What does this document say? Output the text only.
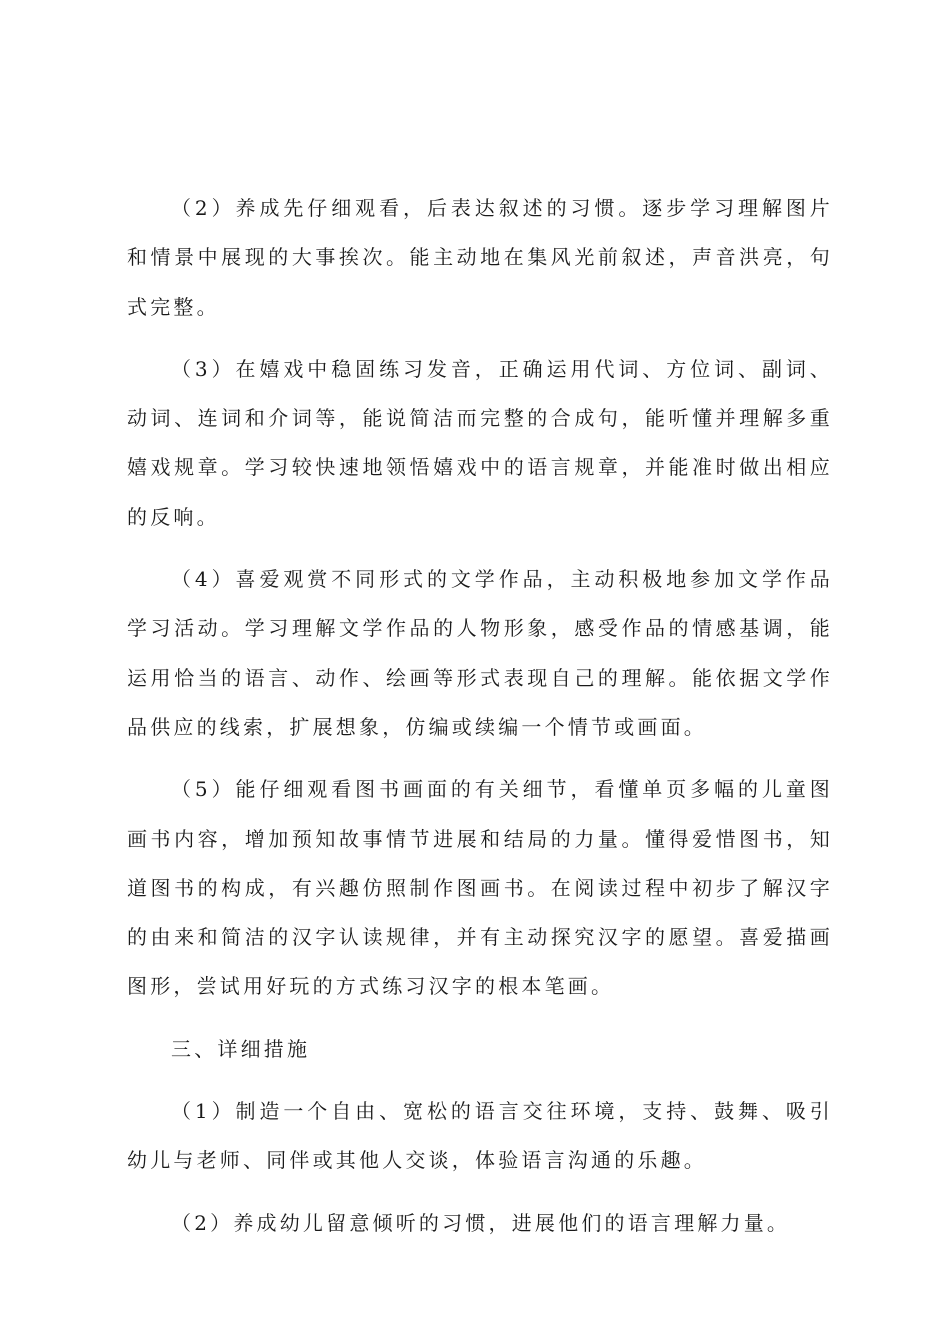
（2）养成先仔细观看，后表达叙述的习惯。逐步学习理解图片和情景中展现的大事挨次。能主动地在集风光前叙述，声音洪亮，句式完整。

（3）在嬉戏中稳固练习发音，正确运用代词、方位词、副词、动词、连词和介词等，能说简洁而完整的合成句，能听懂并理解多重嬉戏规章。学习较快速地领悟嬉戏中的语言规章，并能准时做出相应的反响。

（4）喜爱观赏不同形式的文学作品，主动积极地参加文学作品学习活动。学习理解文学作品的人物形象，感受作品的情感基调，能运用恰当的语言、动作、绘画等形式表现自己的理解。能依据文学作品供应的线索，扩展想象，仿编或续编一个情节或画面。

（5）能仔细观看图书画面的有关细节，看懂单页多幅的儿童图画书内容，增加预知故事情节进展和结局的力量。懂得爱惜图书，知道图书的构成，有兴趣仿照制作图画书。在阅读过程中初步了解汉字的由来和简洁的汉字认读规律，并有主动探究汉字的愿望。喜爱描画图形，尝试用好玩的方式练习汉字的根本笔画。

三、详细措施

（1）制造一个自由、宽松的语言交往环境，支持、鼓舞、吸引幼儿与老师、同伴或其他人交谈，体验语言沟通的乐趣。

（2）养成幼儿留意倾听的习惯，进展他们的语言理解力量。
